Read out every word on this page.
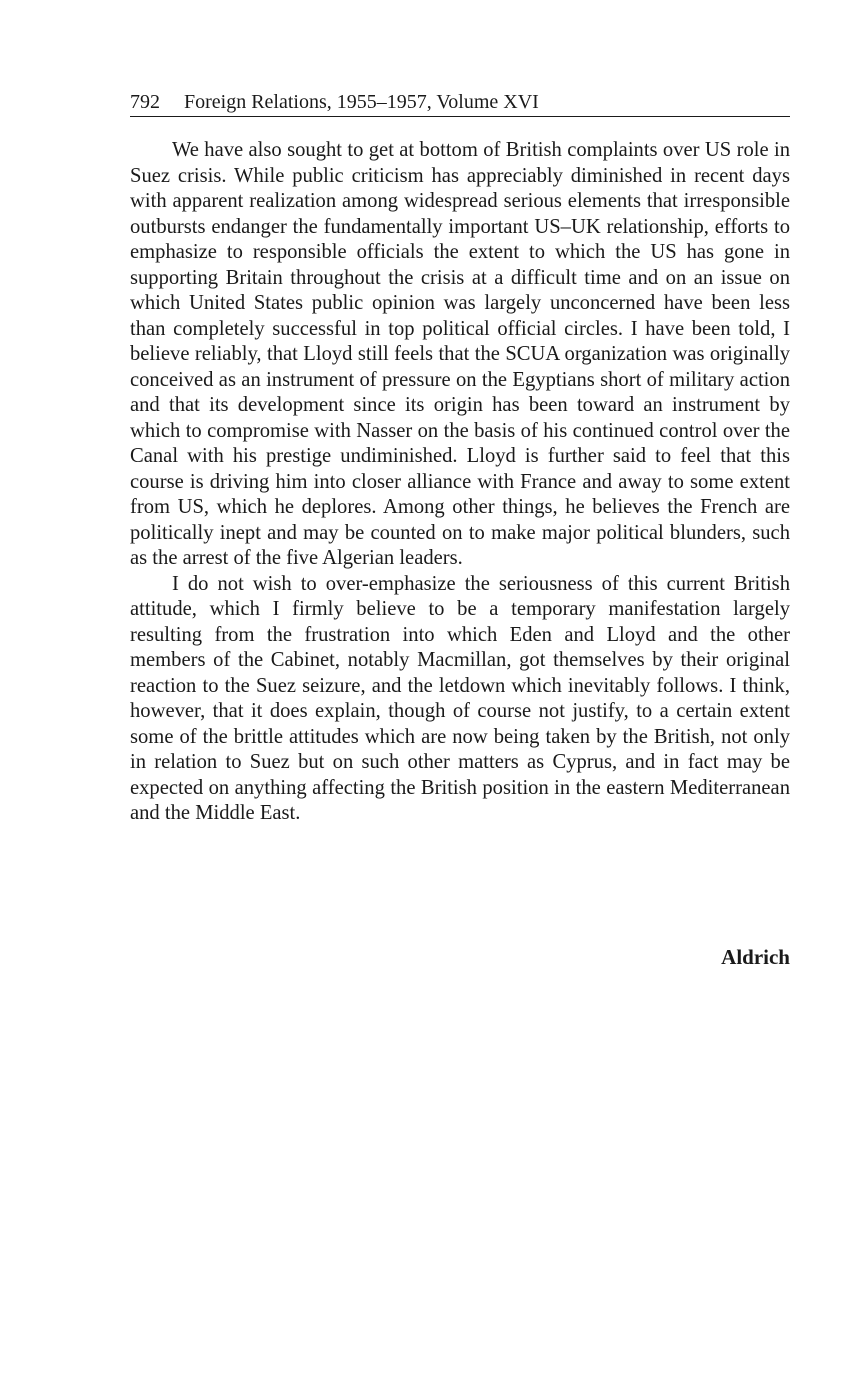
792 Foreign Relations, 1955–1957, Volume XVI

We have also sought to get at bottom of British complaints over US role in Suez crisis. While public criticism has appreciably diminished in recent days with apparent realization among widespread serious elements that irresponsible outbursts endanger the fundamentally important US–UK relationship, efforts to emphasize to responsible officials the extent to which the US has gone in supporting Britain throughout the crisis at a difficult time and on an issue on which United States public opinion was largely unconcerned have been less than completely successful in top political official circles. I have been told, I believe reliably, that Lloyd still feels that the SCUA organization was originally conceived as an instrument of pressure on the Egyptians short of military action and that its development since its origin has been toward an instrument by which to compromise with Nasser on the basis of his continued control over the Canal with his prestige undiminished. Lloyd is further said to feel that this course is driving him into closer alliance with France and away to some extent from US, which he deplores. Among other things, he believes the French are politically inept and may be counted on to make major political blunders, such as the arrest of the five Algerian leaders.

I do not wish to over-emphasize the seriousness of this current British attitude, which I firmly believe to be a temporary manifestation largely resulting from the frustration into which Eden and Lloyd and the other members of the Cabinet, notably Macmillan, got themselves by their original reaction to the Suez seizure, and the letdown which inevitably follows. I think, however, that it does explain, though of course not justify, to a certain extent some of the brittle attitudes which are now being taken by the British, not only in relation to Suez but on such other matters as Cyprus, and in fact may be expected on anything affecting the British position in the eastern Mediterranean and the Middle East.

Aldrich
